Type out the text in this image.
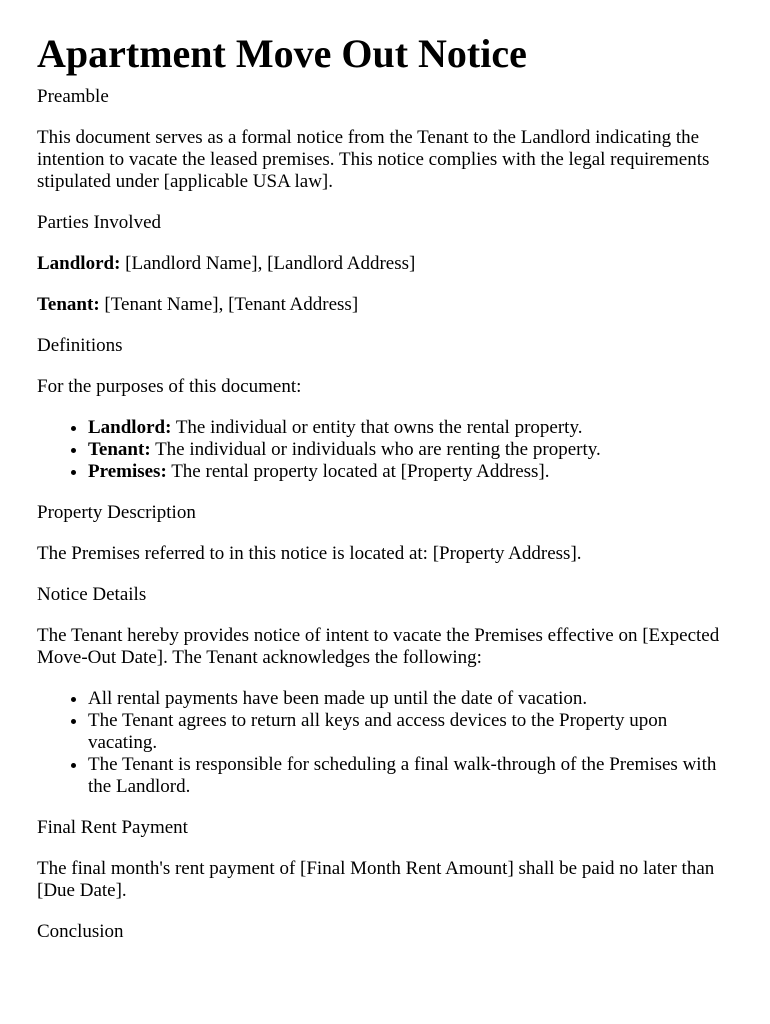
Apartment Move Out Notice

Preamble

This document serves as a formal notice from the Tenant to the Landlord indicating the intention to vacate the leased premises. This notice complies with the legal requirements stipulated under [applicable USA law].

Parties Involved

Landlord: [Landlord Name], [Landlord Address]

Tenant: [Tenant Name], [Tenant Address]

Definitions

For the purposes of this document:

• Landlord: The individual or entity that owns the rental property.
• Tenant: The individual or individuals who are renting the property.
• Premises: The rental property located at [Property Address].

Property Description

The Premises referred to in this notice is located at: [Property Address].

Notice Details

The Tenant hereby provides notice of intent to vacate the Premises effective on [Expected Move-Out Date]. The Tenant acknowledges the following:

• All rental payments have been made up until the date of vacation.
• The Tenant agrees to return all keys and access devices to the Property upon vacating.
• The Tenant is responsible for scheduling a final walk-through of the Premises with the Landlord.

Final Rent Payment

The final month's rent payment of [Final Month Rent Amount] shall be paid no later than [Due Date].

Conclusion
